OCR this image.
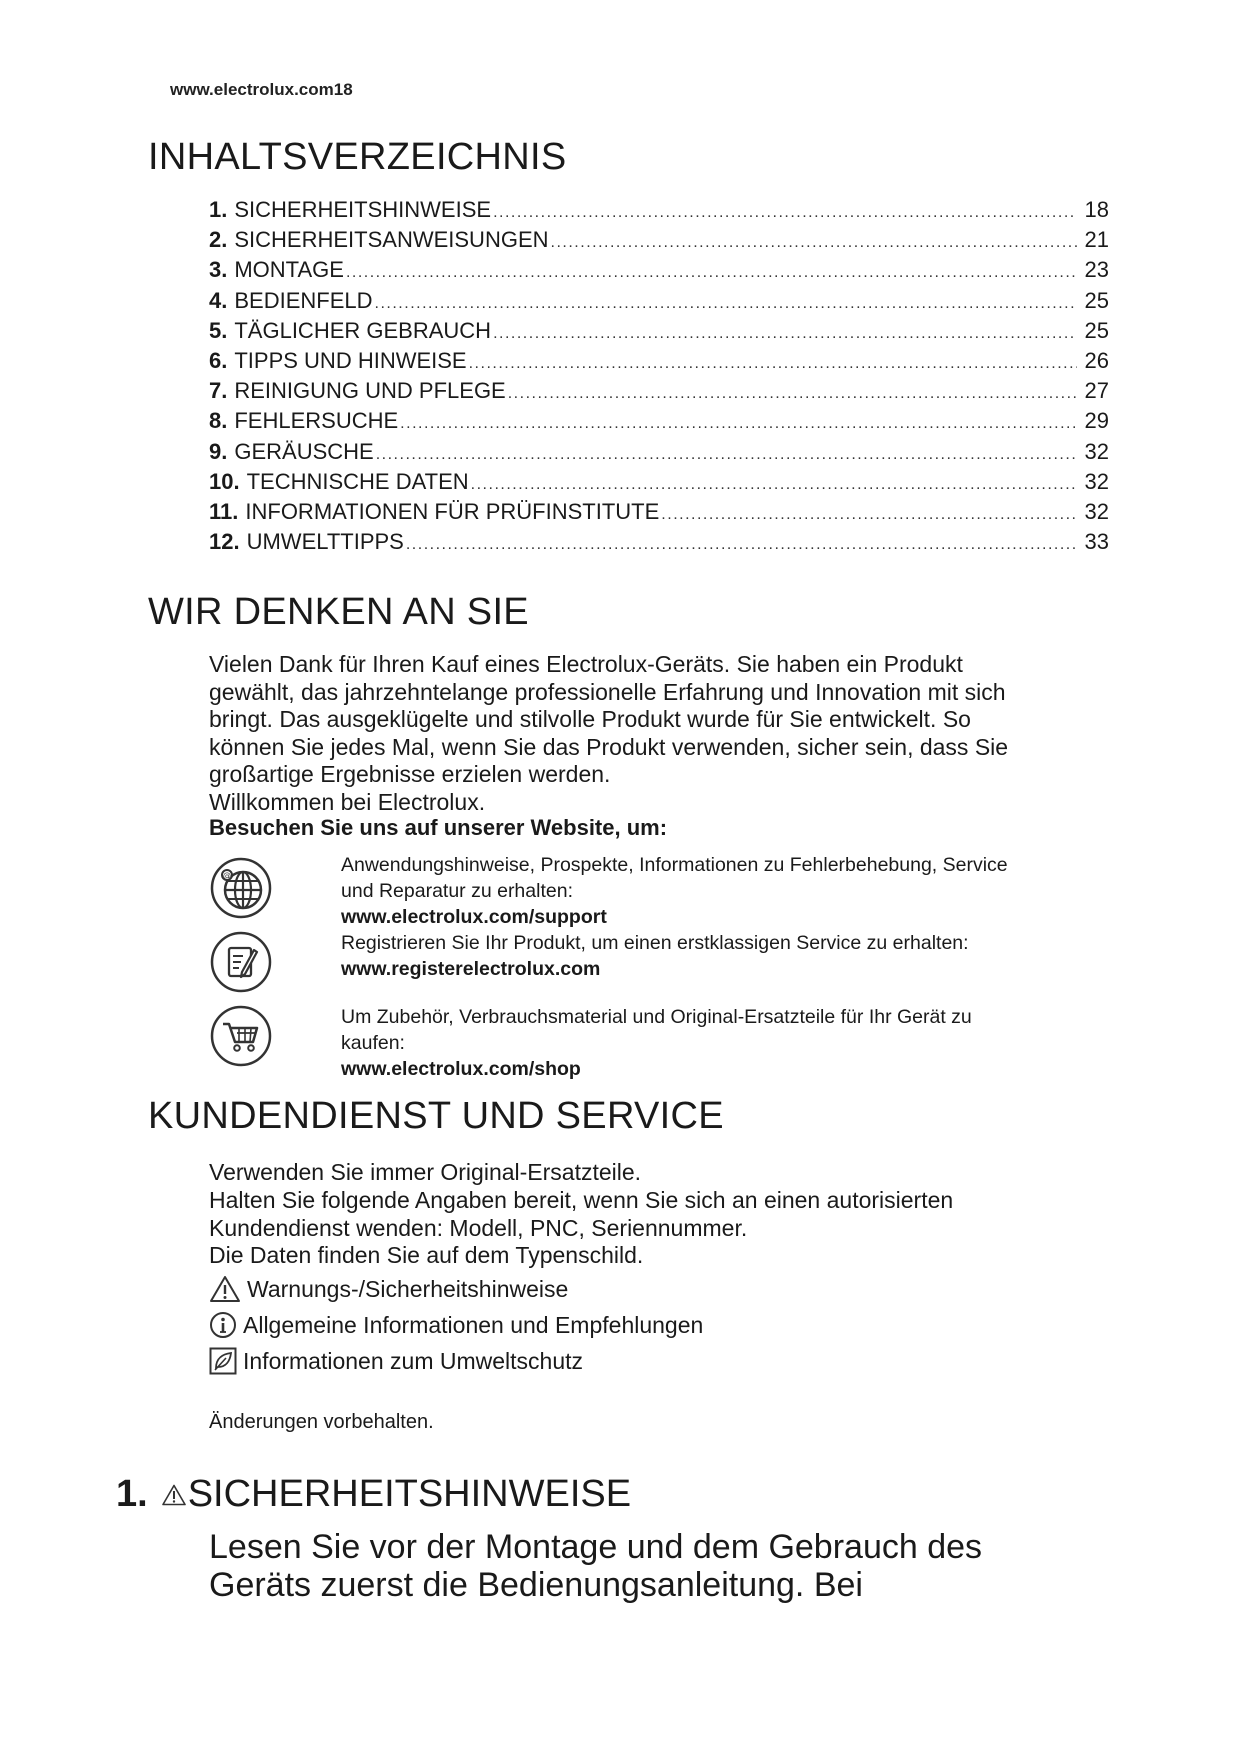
www.electrolux.com18
INHALTSVERZEICHNIS
1. SICHERHEITSHINWEISE .....	18
2. SICHERHEITSANWEISUNGEN .....	21
3. MONTAGE .....	23
4. BEDIENFELD .....	25
5. TÄGLICHER GEBRAUCH .....	25
6. TIPPS UND HINWEISE .....	26
7. REINIGUNG UND PFLEGE .....	27
8. FEHLERSUCHE .....	29
9. GERÄUSCHE .....	32
10. TECHNISCHE DATEN .....	32
11. INFORMATIONEN FÜR PRÜFINSTITUTE .....	32
12. UMWELTTIPPS .....	33
WIR DENKEN AN SIE
Vielen Dank für Ihren Kauf eines Electrolux-Geräts. Sie haben ein Produkt
gewählt, das jahrzehntelange professionelle Erfahrung und Innovation mit sich
bringt. Das ausgeklügelte und stilvolle Produkt wurde für Sie entwickelt. So
können Sie jedes Mal, wenn Sie das Produkt verwenden, sicher sein, dass Sie
großartige Ergebnisse erzielen werden.
Willkommen bei Electrolux.
Besuchen Sie uns auf unserer Website, um:
@	Anwendungshinweise, Prospekte, Informationen zu Fehlerbehebung, Service
und Reparatur zu erhalten:
www.electrolux.com/support
Registrieren Sie Ihr Produkt, um einen erstklassigen Service zu erhalten:
www.registerelectrolux.com
Um Zubehör, Verbrauchsmaterial und Original-Ersatzteile für Ihr Gerät zu
kaufen:
www.electrolux.com/shop
KUNDENDIENST UND SERVICE
Verwenden Sie immer Original-Ersatzteile.
Halten Sie folgende Angaben bereit, wenn Sie sich an einen autorisierten
Kundendienst wenden: Modell, PNC, Seriennummer.
Die Daten finden Sie auf dem Typenschild.
Warnungs-/Sicherheitshinweise
Allgemeine Informationen und Empfehlungen
Informationen zum Umweltschutz
Änderungen vorbehalten.
1. SICHERHEITSHINWEISE
Lesen Sie vor der Montage und dem Gebrauch des
Geräts zuerst die Bedienungsanleitung. Bei
